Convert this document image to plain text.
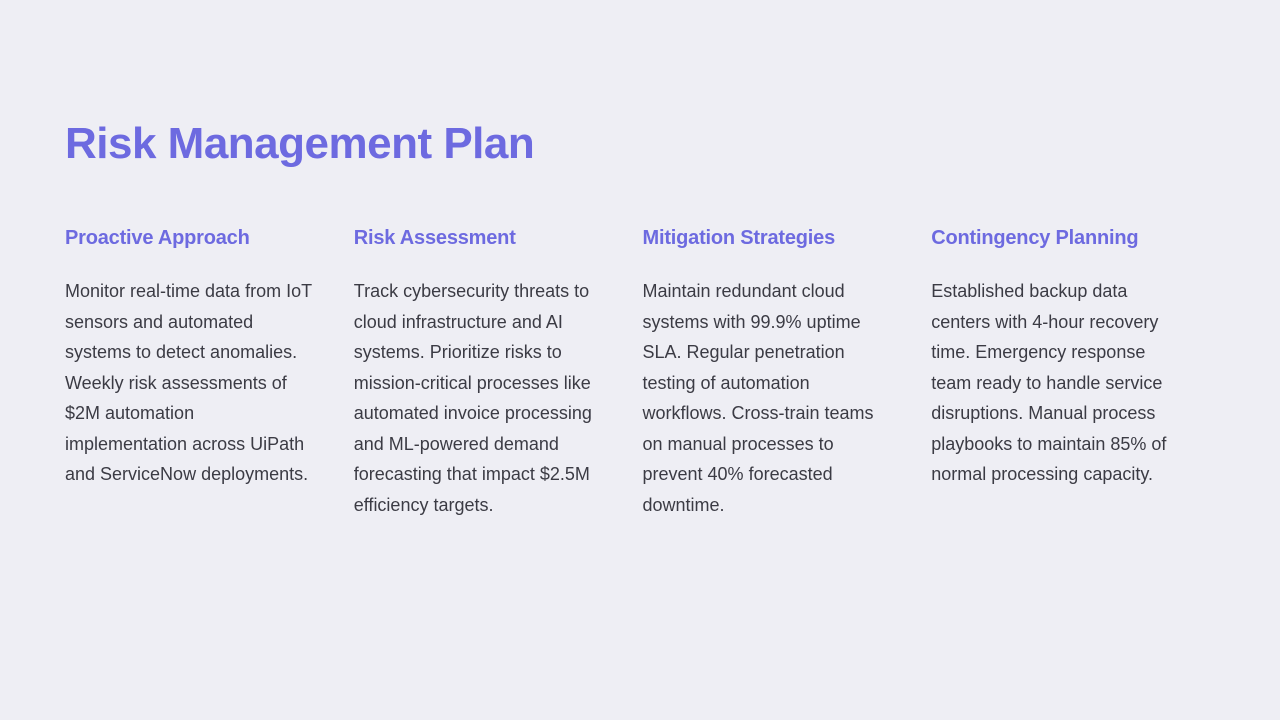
Risk Management Plan
Proactive Approach

Monitor real-time data from IoT sensors and automated systems to detect anomalies. Weekly risk assessments of $2M automation implementation across UiPath and ServiceNow deployments.

Risk Assessment

Track cybersecurity threats to cloud infrastructure and AI systems. Prioritize risks to mission-critical processes like automated invoice processing and ML-powered demand forecasting that impact $2.5M efficiency targets.

Mitigation Strategies

Maintain redundant cloud systems with 99.9% uptime SLA. Regular penetration testing of automation workflows. Cross-train teams on manual processes to prevent 40% forecasted downtime.

Contingency Planning

Established backup data centers with 4-hour recovery time. Emergency response team ready to handle service disruptions. Manual process playbooks to maintain 85% of normal processing capacity.
